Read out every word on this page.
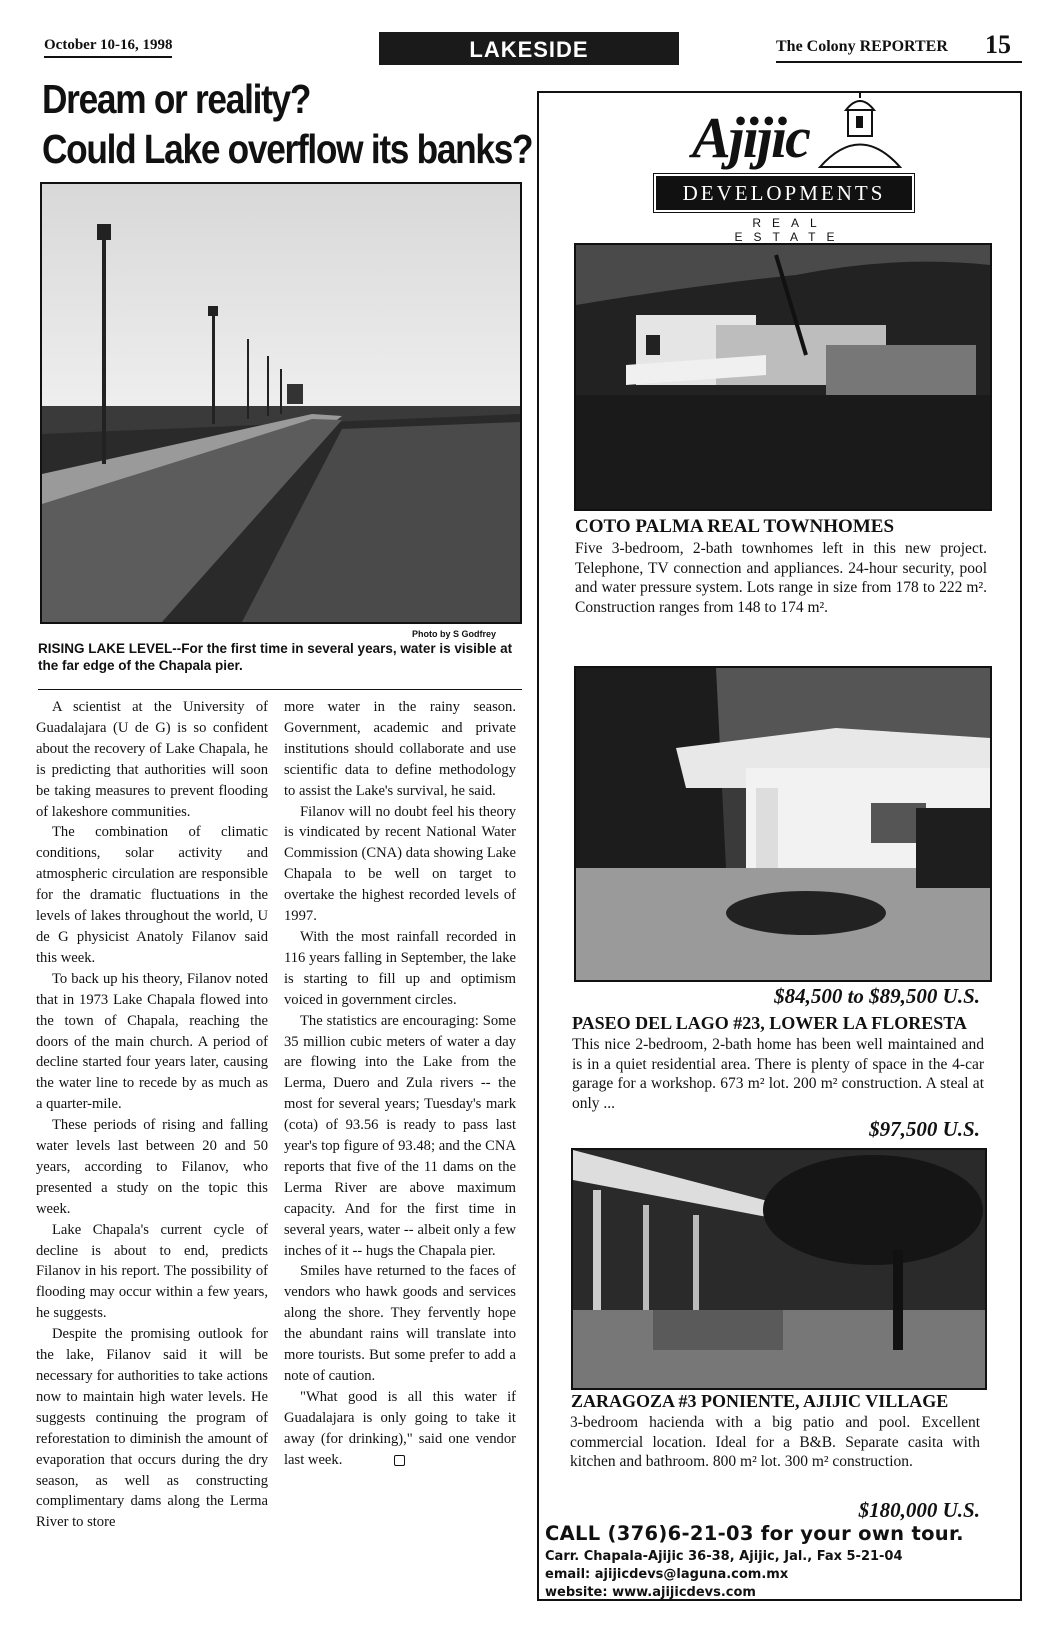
October 10-16, 1998	LAKESIDE	The Colony REPORTER 15
Dream or reality?
Could Lake overflow its banks?
Photo by S Godfrey
RISING LAKE LEVEL--For the first time in several years, water is visible at the far edge of the Chapala pier.

A scientist at the University of Guadalajara (U de G) is so confident about the recovery of Lake Chapala, he is predicting that authorities will soon be taking measures to prevent flooding of lakeshore communities.

The combination of climatic conditions, solar activity and atmospheric circulation are responsible for the dramatic fluctuations in the levels of lakes throughout the world, U de G physicist Anatoly Filanov said this week.

To back up his theory, Filanov noted that in 1973 Lake Chapala flowed into the town of Chapala, reaching the doors of the main church. A period of decline started four years later, causing the water line to recede by as much as a quarter-mile.

These periods of rising and falling water levels last between 20 and 50 years, according to Filanov, who presented a study on the topic this week.

Lake Chapala's current cycle of decline is about to end, predicts Filanov in his report. The possibility of flooding may occur within a few years, he suggests.

Despite the promising outlook for the lake, Filanov said it will be necessary for authorities to take actions now to maintain high water levels. He suggests continuing the program of reforestation to diminish the amount of evaporation that occurs during the dry season, as well as constructing complimentary dams along the Lerma River to store

more water in the rainy season. Government, academic and private institutions should collaborate and use scientific data to define methodology to assist the Lake's survival, he said.

Filanov will no doubt feel his theory is vindicated by recent National Water Commission (CNA) data showing Lake Chapala to be well on target to overtake the highest recorded levels of 1997.

With the most rainfall recorded in 116 years falling in September, the lake is starting to fill up and optimism voiced in government circles.

The statistics are encouraging: Some 35 million cubic meters of water a day are flowing into the Lake from the Lerma, Duero and Zula rivers -- the most for several years; Tuesday's mark (cota) of 93.56 is ready to pass last year's top figure of 93.48; and the CNA reports that five of the 11 dams on the Lerma River are above maximum capacity. And for the first time in several years, water -- albeit only a few inches of it -- hugs the Chapala pier.

Smiles have returned to the faces of vendors who hawk goods and services along the shore. They fervently hope the abundant rains will translate into more tourists. But some prefer to add a note of caution.

"What good is all this water if Guadalajara is only going to take it away (for drinking)," said one vendor last week.

Ajijic
DEVELOPMENTS
REAL ESTATE
COTO PALMA REAL TOWNHOMES
Five 3-bedroom, 2-bath townhomes left in this new project. Telephone, TV connection and appliances. 24-hour security, pool and water pressure system. Lots range in size from 178 to 222 m². Construction ranges from 148 to 174 m².
$84,500 to $89,500 U.S.
PASEO DEL LAGO #23, LOWER LA FLORESTA
This nice 2-bedroom, 2-bath home has been well maintained and is in a quiet residential area. There is plenty of space in the 4-car garage for a workshop. 673 m² lot. 200 m² construction. A steal at only ...
$97,500 U.S.
ZARAGOZA #3 PONIENTE, AJIJIC VILLAGE
3-bedroom hacienda with a big patio and pool. Excellent commercial location. Ideal for a B&B. Separate casita with kitchen and bathroom. 800 m² lot. 300 m² construction.
$180,000 U.S.
CALL (376)6-21-03 for your own tour.
Carr. Chapala-Ajijic 36-38, Ajijic, Jal., Fax 5-21-04
email: ajijicdevs@laguna.com.mx
website: www.ajijicdevs.com
